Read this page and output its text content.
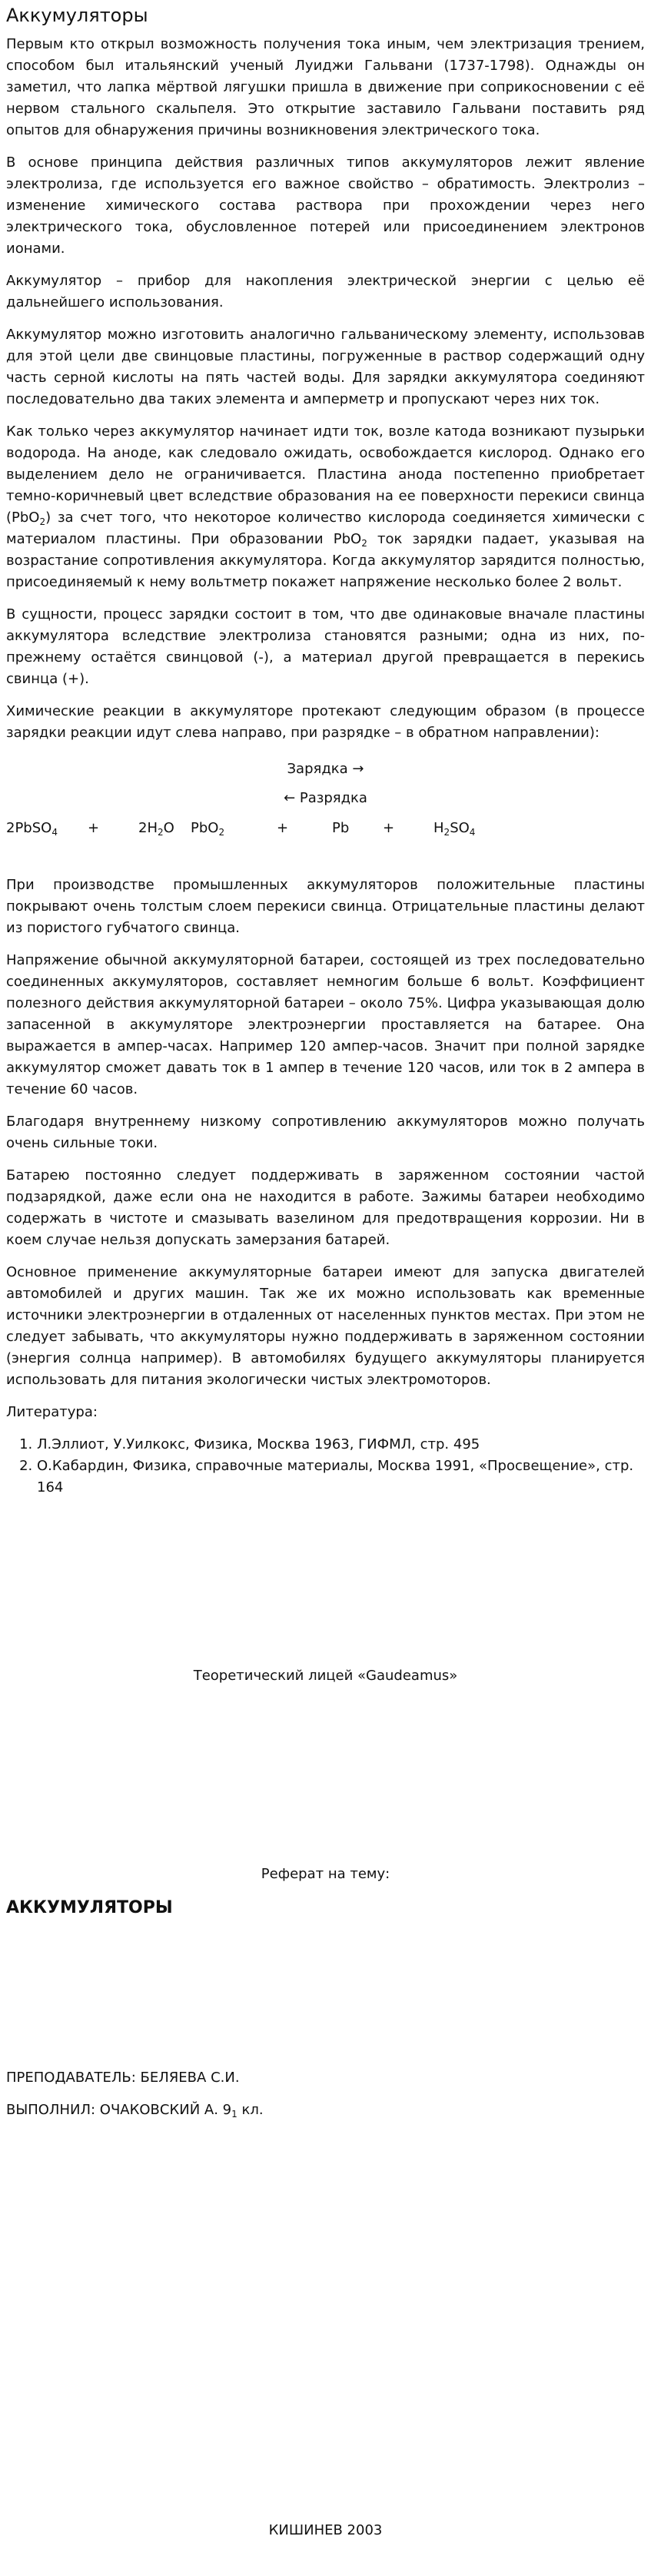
Аккумуляторы

Первым кто открыл возможность получения тока иным, чем электризация трением, способом был итальянский ученый Луиджи Гальвани (1737-1798). Однажды он заметил, что лапка мёртвой лягушки пришла в движение при соприкосновении с её нервом стального скальпеля. Это открытие заставило Гальвани поставить ряд опытов для обнаружения причины возникновения электрического тока.

В основе принципа действия различных типов аккумуляторов лежит явление электролиза, где используется его важное свойство – обратимость. Электролиз – изменение химического состава раствора при прохождении через него электрического тока, обусловленное потерей или присоединением электронов ионами.

Аккумулятор – прибор для накопления электрической энергии с целью её дальнейшего использования.

Аккумулятор можно изготовить аналогично гальваническому элементу, использовав для этой цели две свинцовые пластины, погруженные в раствор содержащий одну часть серной кислоты на пять частей воды. Для зарядки аккумулятора соединяют последовательно два таких элемента и амперметр и пропускают через них ток.

Как только через аккумулятор начинает идти ток, возле катода возникают пузырьки водорода. На аноде, как следовало ожидать, освобождается кислород. Однако его выделением дело не ограничивается. Пластина анода постепенно приобретает темно-коричневый цвет вследствие образования на ее поверхности перекиси свинца (PbO$_2$) за счет того, что некоторое количество кислорода соединяется химически с материалом пластины. При образовании PbO$_2$ ток зарядки падает, указывая на возрастание сопротивления аккумулятора. Когда аккумулятор зарядится полностью, присоединяемый к нему вольтметр покажет напряжение несколько более 2 вольт.

В сущности, процесс зарядки состоит в том, что две одинаковые вначале пластины аккумулятора вследствие электролиза становятся разными; одна из них, по-прежнему остаётся свинцовой (-), а материал другой превращается в перекись свинца (+).

Химические реакции в аккумуляторе протекают следующим образом (в процессе зарядки реакции идут слева направо, при разрядке – в обратном направлении):

Зарядка →
← Разрядка
2PbSO$_4$ +	$2H_2O$ PbO$_2$	+	Pb +	$H_2SO_4$

При производстве промышленных аккумуляторов положительные пластины покрывают очень толстым слоем перекиси свинца. Отрицательные пластины делают из пористого губчатого свинца.

Напряжение обычной аккумуляторной батареи, состоящей из трех последовательно соединенных аккумуляторов, составляет немногим больше 6 вольт. Коэффициент полезного действия аккумуляторной батареи – около 75%. Цифра указывающая долю запасенной в аккумуляторе электроэнергии проставляется на батарее. Она выражается в ампер-часах. Например 120 ампер-часов. Значит при полной зарядке аккумулятор сможет давать ток в 1 ампер в течение 120 часов, или ток в 2 ампера в течение 60 часов.

Благодаря внутреннему низкому сопротивлению аккумуляторов можно получать очень сильные токи.

Батарею постоянно следует поддерживать в заряженном состоянии частой подзарядкой, даже если она не находится в работе. Зажимы батареи необходимо содержать в чистоте и смазывать вазелином для предотвращения коррозии. Ни в коем случае нельзя допускать замерзания батарей.

Основное применение аккумуляторные батареи имеют для запуска двигателей автомобилей и других машин. Так же их можно использовать как временные источники электроэнергии в отдаленных от населенных пунктов местах. При этом не следует забывать, что аккумуляторы нужно поддерживать в заряженном состоянии (энергия солнца например). В автомобилях будущего аккумуляторы планируется использовать для питания экологически чистых электромоторов.

Литература:

1. Л.Эллиот, У.Уилкокс, Физика, Москва 1963, ГИФМЛ, стр. 495
2. О.Кабардин, Физика, справочные материалы, Москва 1991, «Просвещение», стр. 164
Теоретический лицей «Gaudeamus»
Реферат на тему:
АККУМУЛЯТОРЫ
ПРЕПОДАВАТЕЛЬ: БЕЛЯЕВА С.И.
ВЫПОЛНИЛ: ОЧАКОВСКИЙ А. $9_1$ кл.
КИШИНЕВ 2003
